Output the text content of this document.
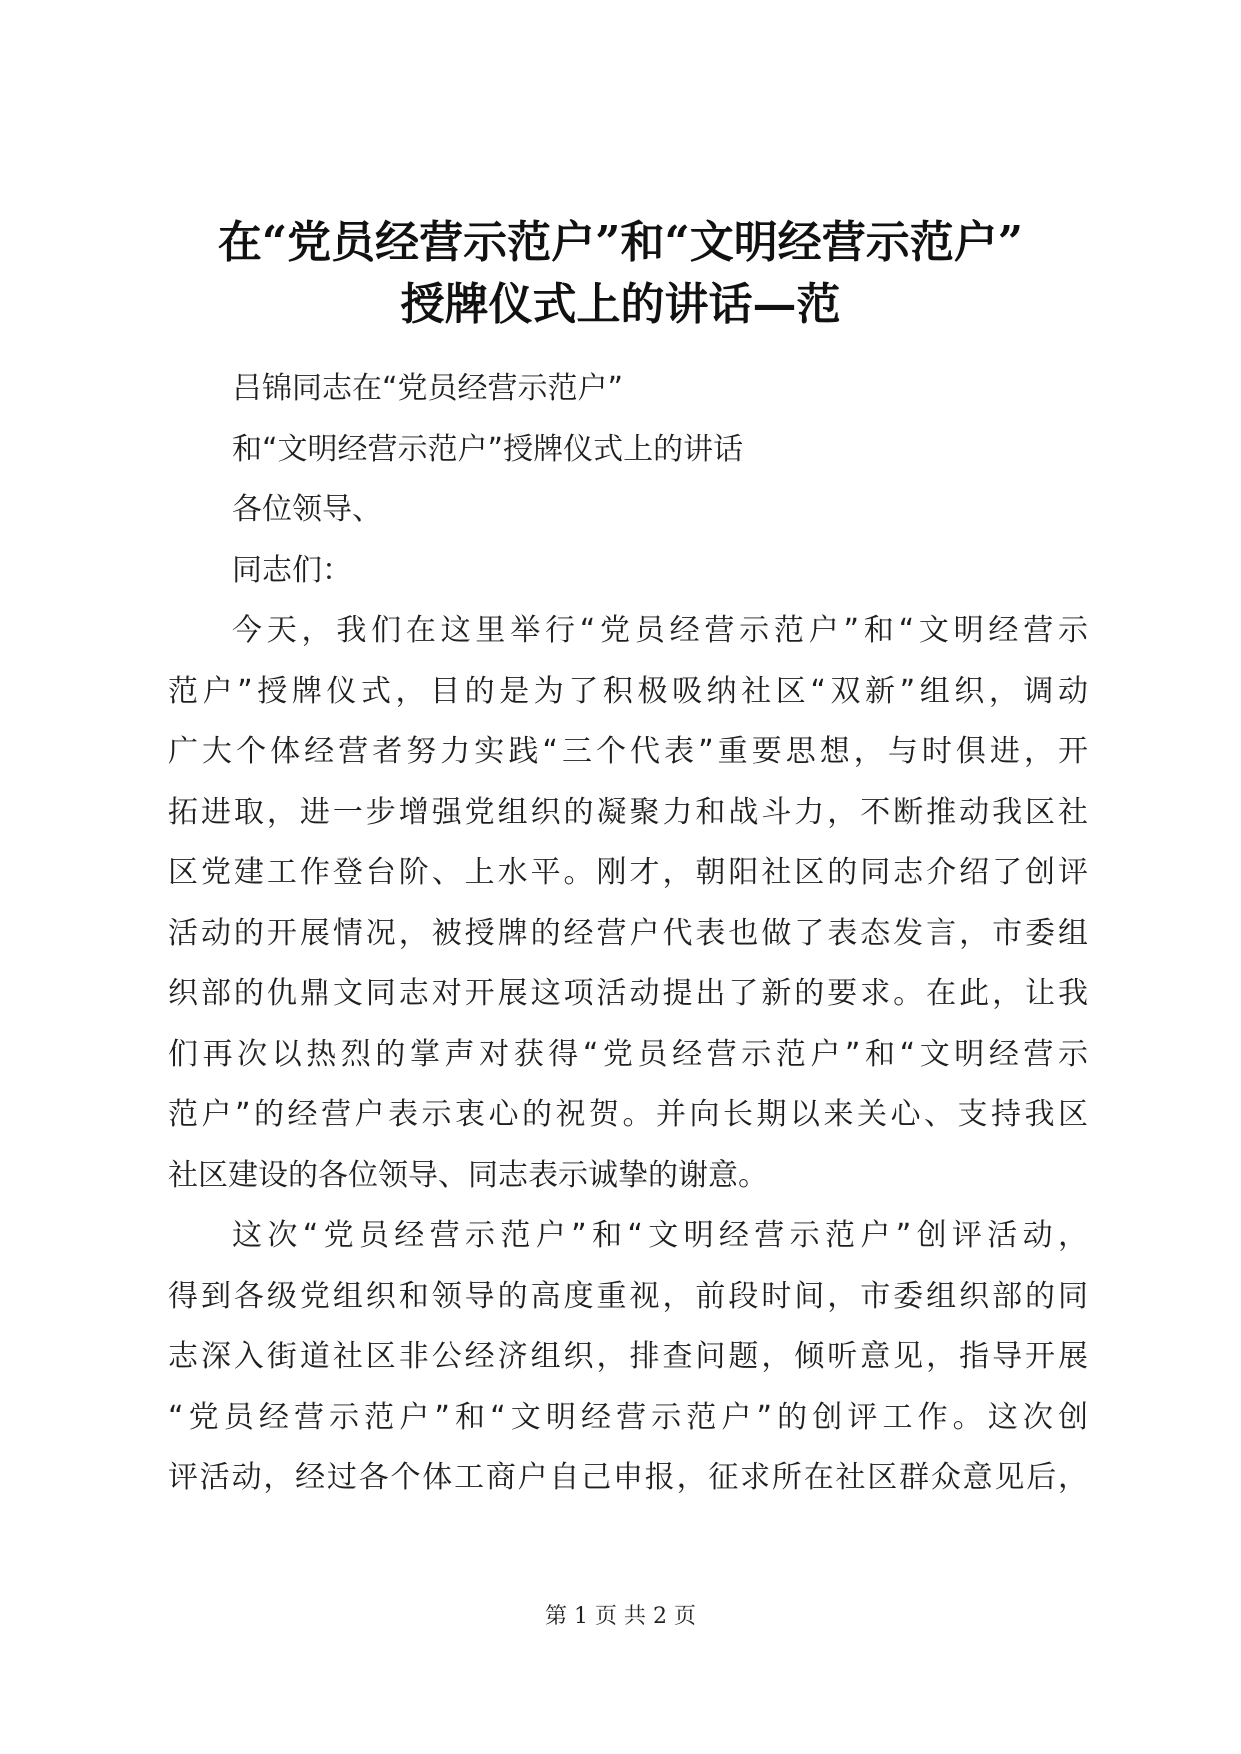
在“党员经营示范户”和“文明经营示范户”
授牌仪式上的讲话—范
吕锦同志在“党员经营示范户”
和“文明经营示范户”授牌仪式上的讲话
各位领导、
同志们：
今天，我们在这里举行“党员经营示范户”和“文明经营示
范户”授牌仪式，目的是为了积极吸纳社区“双新”组织，调动
广大个体经营者努力实践“三个代表”重要思想，与时俱进，开
拓进取，进一步增强党组织的凝聚力和战斗力，不断推动我区社
区党建工作登台阶、上水平。刚才，朝阳社区的同志介绍了创评
活动的开展情况，被授牌的经营户代表也做了表态发言，市委组
织部的仇鼎文同志对开展这项活动提出了新的要求。在此，让我
们再次以热烈的掌声对获得“党员经营示范户”和“文明经营示
范户”的经营户表示衷心的祝贺。并向长期以来关心、支持我区
社区建设的各位领导、同志表示诚挚的谢意。
这次“党员经营示范户”和“文明经营示范户”创评活动，
得到各级党组织和领导的高度重视，前段时间，市委组织部的同
志深入街道社区非公经济组织，排查问题，倾听意见，指导开展
“党员经营示范户”和“文明经营示范户”的创评工作。这次创
评活动，经过各个体工商户自己申报，征求所在社区群众意见后，
第 1 页 共 2 页
